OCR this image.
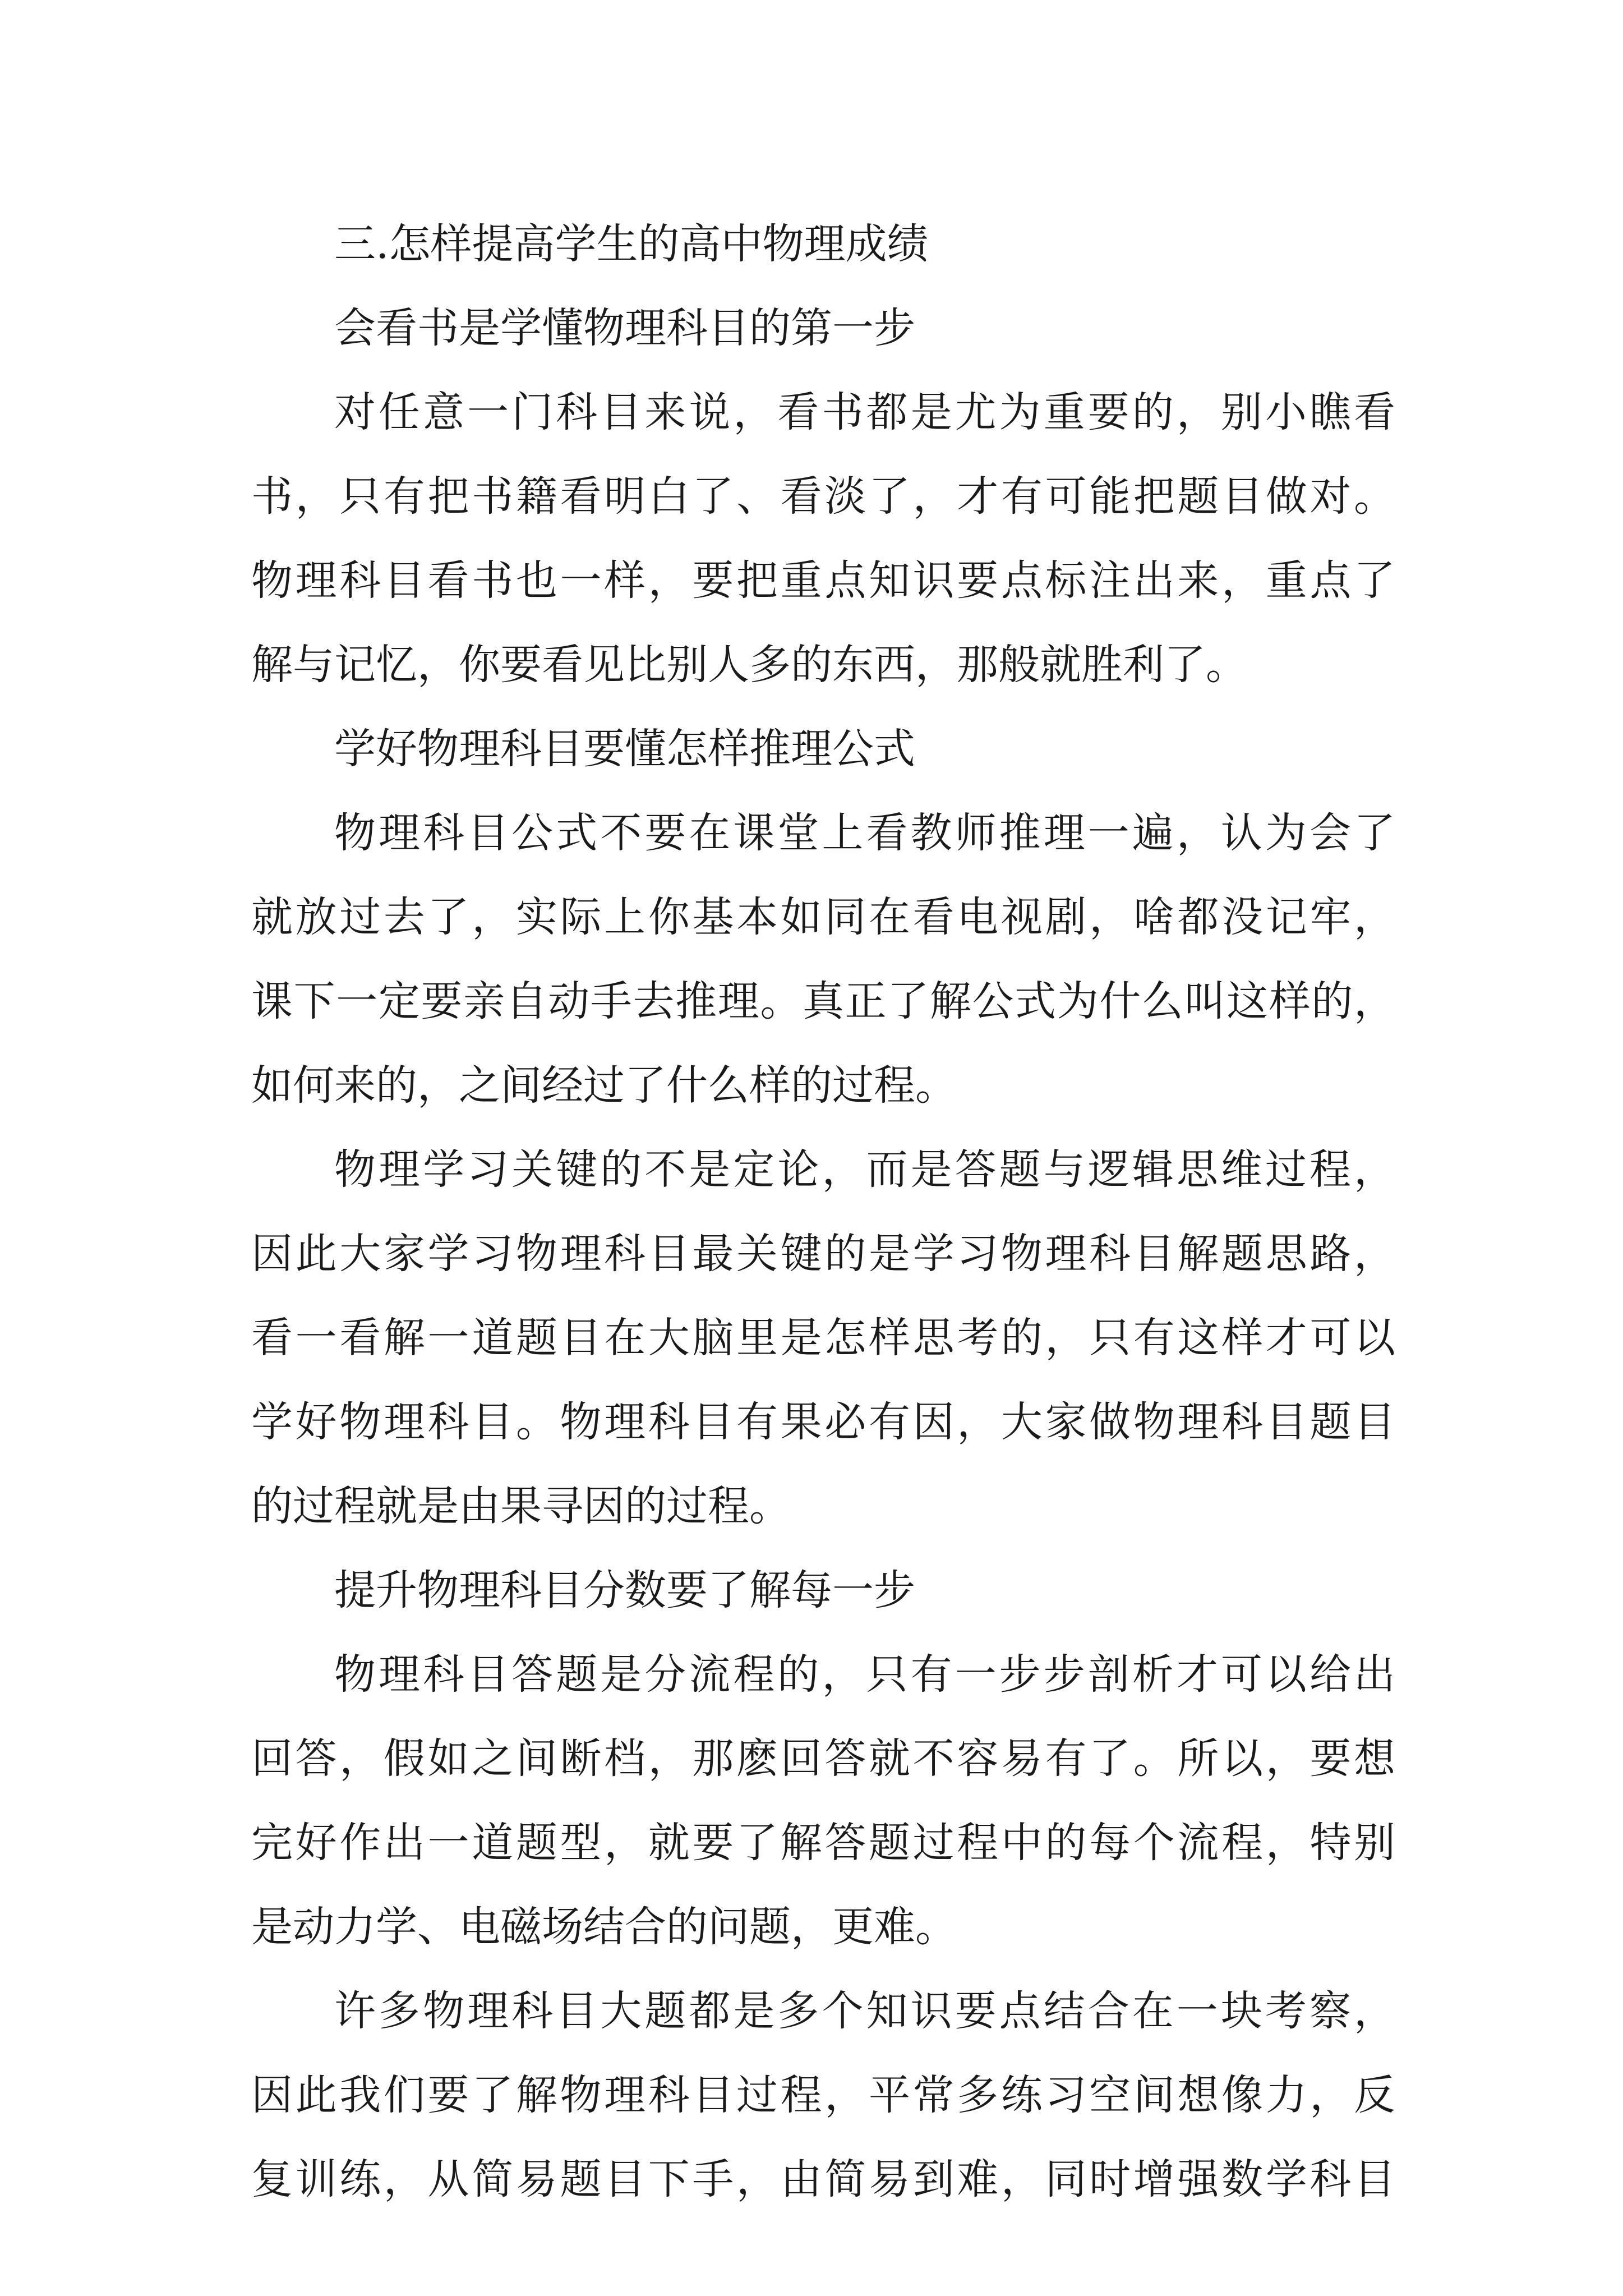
三.怎样提高学生的高中物理成绩
会看书是学懂物理科目的第一步
对任意一门科目来说，看书都是尤为重要的，别小瞧看
书，只有把书籍看明白了、看淡了，才有可能把题目做对。
物理科目看书也一样，要把重点知识要点标注出来，重点了
解与记忆，你要看见比别人多的东西，那般就胜利了。
学好物理科目要懂怎样推理公式
物理科目公式不要在课堂上看教师推理一遍，认为会了
就放过去了，实际上你基本如同在看电视剧，啥都没记牢，
课下一定要亲自动手去推理。真正了解公式为什么叫这样的，
如何来的，之间经过了什么样的过程。
物理学习关键的不是定论，而是答题与逻辑思维过程，
因此大家学习物理科目最关键的是学习物理科目解题思路，
看一看解一道题目在大脑里是怎样思考的，只有这样才可以
学好物理科目。物理科目有果必有因，大家做物理科目题目
的过程就是由果寻因的过程。
提升物理科目分数要了解每一步
物理科目答题是分流程的，只有一步步剖析才可以给出
回答，假如之间断档，那麽回答就不容易有了。所以，要想
完好作出一道题型，就要了解答题过程中的每个流程，特别
是动力学、电磁场结合的问题，更难。
许多物理科目大题都是多个知识要点结合在一块考察，
因此我们要了解物理科目过程，平常多练习空间想像力，反
复训练，从简易题目下手，由简易到难，同时增强数学科目
